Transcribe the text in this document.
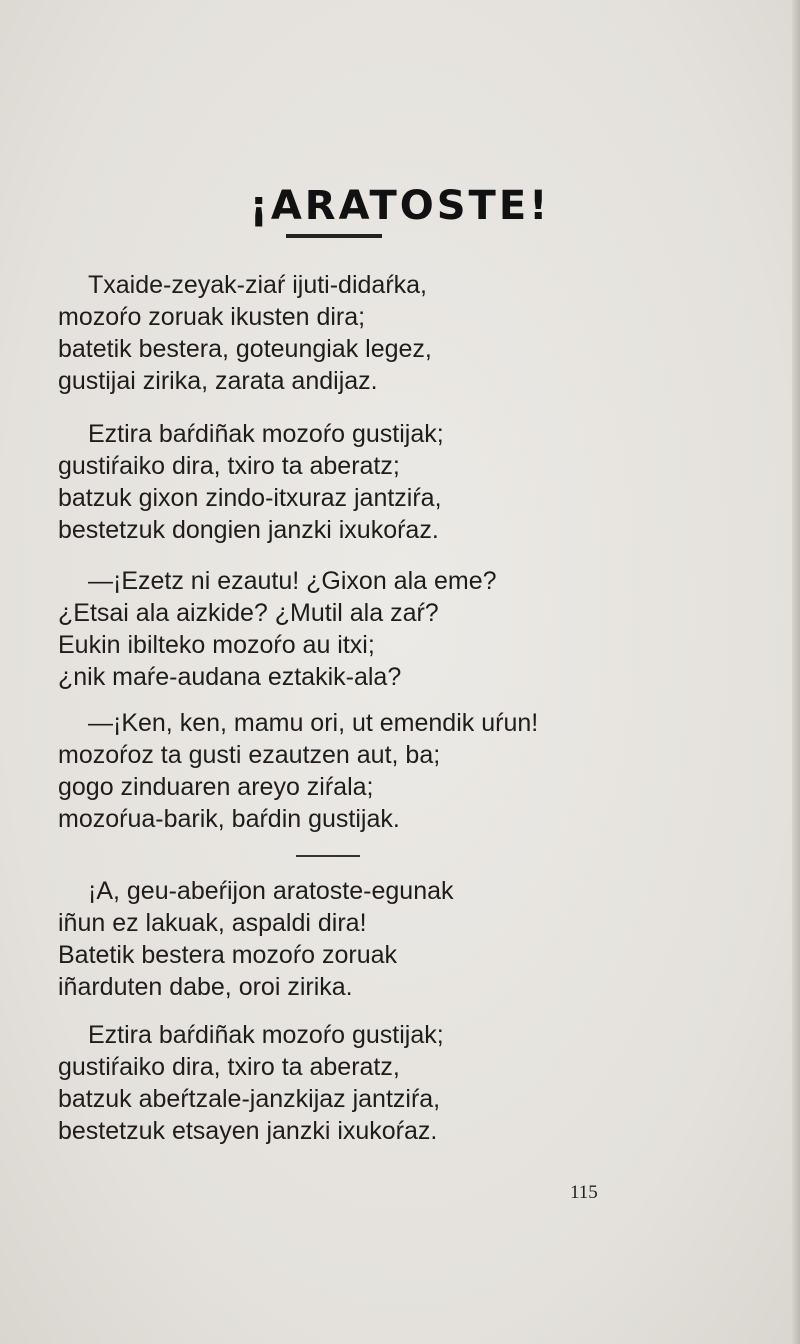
¡ARATOSTE!
Txaide-zeyak-ziaŕ ijuti-didaŕka,
mozoŕo zoruak ikusten dira;
batetik bestera, goteungiak legez,
gustijai zirika, zarata andijaz.
Eztira baŕdiñak mozoŕo gustijak;
gustiŕaiko dira, txiro ta aberatz;
batzuk gixon zindo-itxuraz jantziŕa,
bestetzuk dongien janzki ixukoŕaz.
—¡Ezetz ni ezautu! ¿Gixon ala eme?
¿Etsai ala aizkide? ¿Mutil ala zaŕ?
Eukin ibilteko mozoŕo au itxi;
¿nik maŕe-audana eztakik-ala?
—¡Ken, ken, mamu ori, ut emendik uŕun!
mozoŕoz ta gusti ezautzen aut, ba;
gogo zinduaren areyo ziŕala;
mozoŕua-barik, baŕdin gustijak.
¡A, geu-abeŕijon aratoste-egunak
iñun ez lakuak, aspaldi dira!
Batetik bestera mozoŕo zoruak
iñarduten dabe, oroi zirika.
Eztira baŕdiñak mozoŕo gustijak;
gustiŕaiko dira, txiro ta aberatz,
batzuk abeŕtzale-janzkijaz jantziŕa,
bestetzuk etsayen janzki ixukoŕaz.
115
